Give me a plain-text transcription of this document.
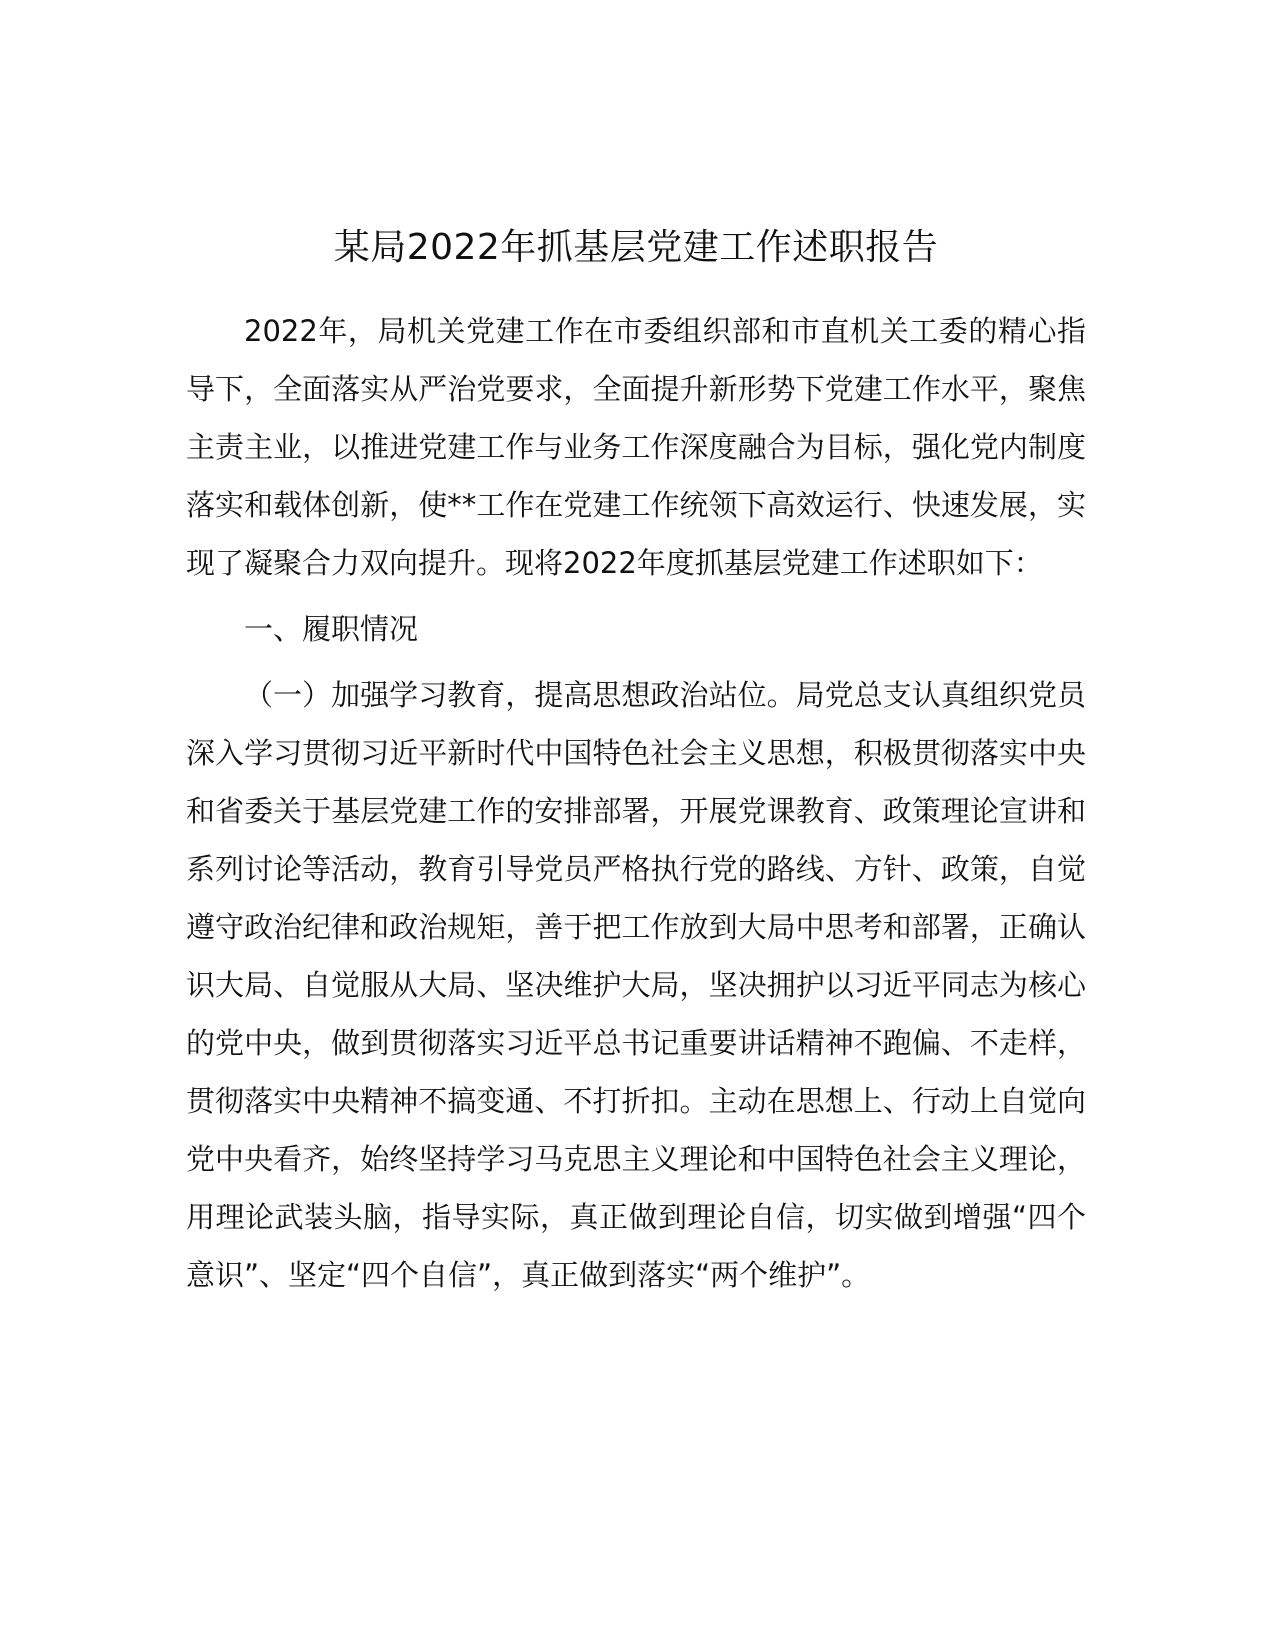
某局2022年抓基层党建工作述职报告

2022年，局机关党建工作在市委组织部和市直机关工委的精心指导下，全面落实从严治党要求，全面提升新形势下党建工作水平，聚焦主责主业，以推进党建工作与业务工作深度融合为目标，强化党内制度落实和载体创新，使**工作在党建工作统领下高效运行、快速发展，实现了凝聚合力双向提升。现将2022年度抓基层党建工作述职如下：

一、履职情况

（一）加强学习教育，提高思想政治站位。局党总支认真组织党员深入学习贯彻习近平新时代中国特色社会主义思想，积极贯彻落实中央和省委关于基层党建工作的安排部署，开展党课教育、政策理论宣讲和系列讨论等活动，教育引导党员严格执行党的路线、方针、政策，自觉遵守政治纪律和政治规矩，善于把工作放到大局中思考和部署，正确认识大局、自觉服从大局、坚决维护大局，坚决拥护以习近平同志为核心的党中央，做到贯彻落实习近平总书记重要讲话精神不跑偏、不走样，贯彻落实中央精神不搞变通、不打折扣。主动在思想上、行动上自觉向党中央看齐，始终坚持学习马克思主义理论和中国特色社会主义理论，用理论武装头脑，指导实际，真正做到理论自信，切实做到增强“四个意识”、坚定“四个自信”，真正做到落实“两个维护”。
